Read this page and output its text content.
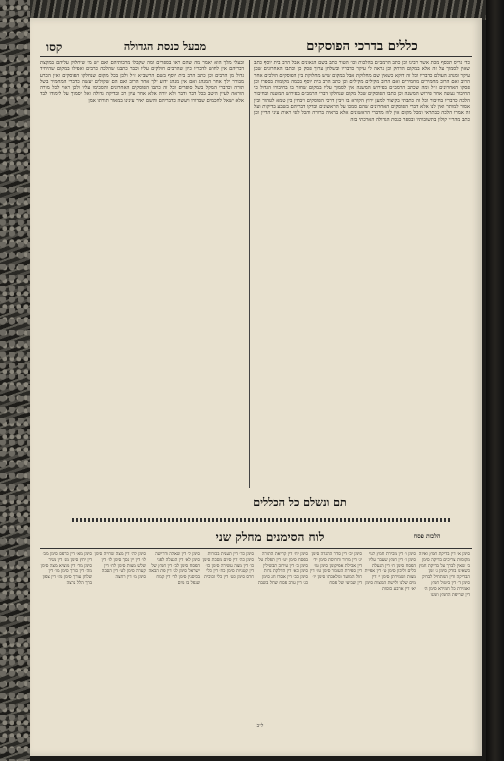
קסו	מבעל כנסת הגדולה	כללים בדרכי הפוסקים

כד׳ גריס תכסף מכת אשר רבינו וכן כתב הרמב״ם בהלכות וכו׳ הטור כתב בשם הגאונים אבל הרב בית יוסף כתב שאין לסמוך על זה אלא במקום הדחק וכן נראה לי עיקר כדבריו ובשלחן ערוך פסק כן וכתבו האחרונים שכן עיקר ומנהג העולם כדבריו וכל זה דוקא כשאין שם מחלוקת אבל במקום שיש מחלוקת בין הפוסקים הולכים אחר הרוב ואם הרוב מחמירים מחמירים ואם הרוב מקילים מקילים וכן כתב הרב בית יוסף בכמה מקומות בספרו וכן פסקו האחרונים ז״ל ומה שכתב הרמב״ם בפירוש המשנה אין לסמוך עליו במקום שחזר בו בחיבורו הגדול כי החיבור נעשה אחר פירוש המשנה וכן כתבו הפוסקים שכל מקום שנחלקו דברי הרמב״ם בפירוש המשנה ובחיבור הלכה כדבריו בחיבור וכל זה כתבתי בקיצור למען ירוץ הקורא בו ויבין דרכי הפוסקים ויבחין בין טמא לטהור ובין אסור למותר ואין לנו אלא דברי הפוסקים האחרונים שהם סמכו על הראשונים ובדקו דבריהם בשבע בדיקות ועל זה אמרו הלכה כבתראי ומכל מקום אין לזוז מדברי הראשונים אלא בראיה ברורה והכל לפי ראות עיני הדיין וכן כתב מהר״י קולון בתשובותיו ובספר כנסת הגדולה הארכתי בזה

ובעלי מלך הוא יאמר מה שהם ראו בספרים ומה שקבלו מרבותיהם ואם יש מי שיחלוק עליהם במקצת דבריהם אין לחוש לדבריו כיון שהרבים חולקים עליו וכבר כתבנו שהלכה כרבים ואפילו במקום שהיחיד גדול מן הרבים וכן כתב הרב בית יוסף בשם הרשב״א ז״ל ולכן בכל מקום שנחלקו הפוסקים ואין הכרע מבורר ילך אחר המנהג ואם אין מנהג ידוע ילך אחר הרוב ואם הם שקולים יעשה כדברי המחמיר בשל תורה וכדברי המקל בשל סופרים וכל זה כתבו הפוסקים האחרונים והסכימו עליו ולכן ראוי לכל מורה הוראה לעיין היטב בכל דבר ודבר ולא יורה אלא אחר עיון רב ובדיקה גדולה ואל יסמוך על לימודו לבד אלא ישאל לחכמים שבדורו ויעשה כדבריהם והשם יאיר עינינו במאור תורתו אמן

תם ונשלם כל הכללים
לוח הסימנים מחלק שני	הלכות פסח
סימן א׳ דין בדיקת חמץ ואיזה מקומות צריכים בדיקה סימן ב׳ שאין לברך על בדיקת חמץ כשאינו בודק סימן ג׳ זמן הבדיקה ודין המתחיל לבדוק סימן ד׳ דין ביטול חמץ ואמירת כל חמירא סימן ה׳ דין שריפת החמץ וזמנו
סימן ו׳ דין מכירת חמץ לגוי סימן ז׳ דין חמץ שעבר עליו הפסח סימן ח׳ דין הגעלת כלים וליבון סימן ט׳ דין אפיית מצות ושמירתן סימן י׳ דין מים שלנו ולישת המצות סימן יא׳ דין ארבע כוסות
סימן יב׳ דין סדר ההגדה סימן יג׳ דין מרור וחרוסת סימן יד׳ דין אכילת אפיקומן סימן טו׳ דין ספירת העומר סימן טז׳ דין חול המועד ומלאכתו סימן יז׳ דין שביעי של פסח
סימן יח׳ דין קריאת התורה בפסח סימן יט׳ דין תפלת טל סימן כ׳ דין עירוב תבשילין סימן כא׳ דין הדלקת נרות סימן כב׳ דין אסרו חג סימן כג׳ דין ערב פסח שחל בשבת
סימן כד׳ דין תענית בכורות סימן כה׳ דין סיום מסכת סימן כו׳ דין מצה עשירה סימן כז׳ דין קטניות סימן כח׳ דין כלי חרס סימן כט׳ דין כלי זכוכית
סימן ל׳ דין שאלה ודרישה סימן לא׳ דין הגעלה לפני הפסח סימן לב׳ דין חמץ של ישראל סימן לג׳ דין פת הבאה בכיסנין סימן לד׳ דין קמח שנפל בו מים
סימן לה׳ דין מצה שרויה סימן לו׳ דין יין נסך סימן לז׳ דין שלש מצות סימן לח׳ דין קערה סימן לט׳ דין הסבה סימן מ׳ דין רחצה
סימן מא׳ דין כרפס סימן מב׳ דין יחץ סימן מג׳ דין מגיד סימן מד׳ דין מוציא מצה סימן מה׳ דין כורך סימן מו׳ דין שלחן עורך סימן מז׳ דין צפון ברך הלל נרצה
ל״ב
